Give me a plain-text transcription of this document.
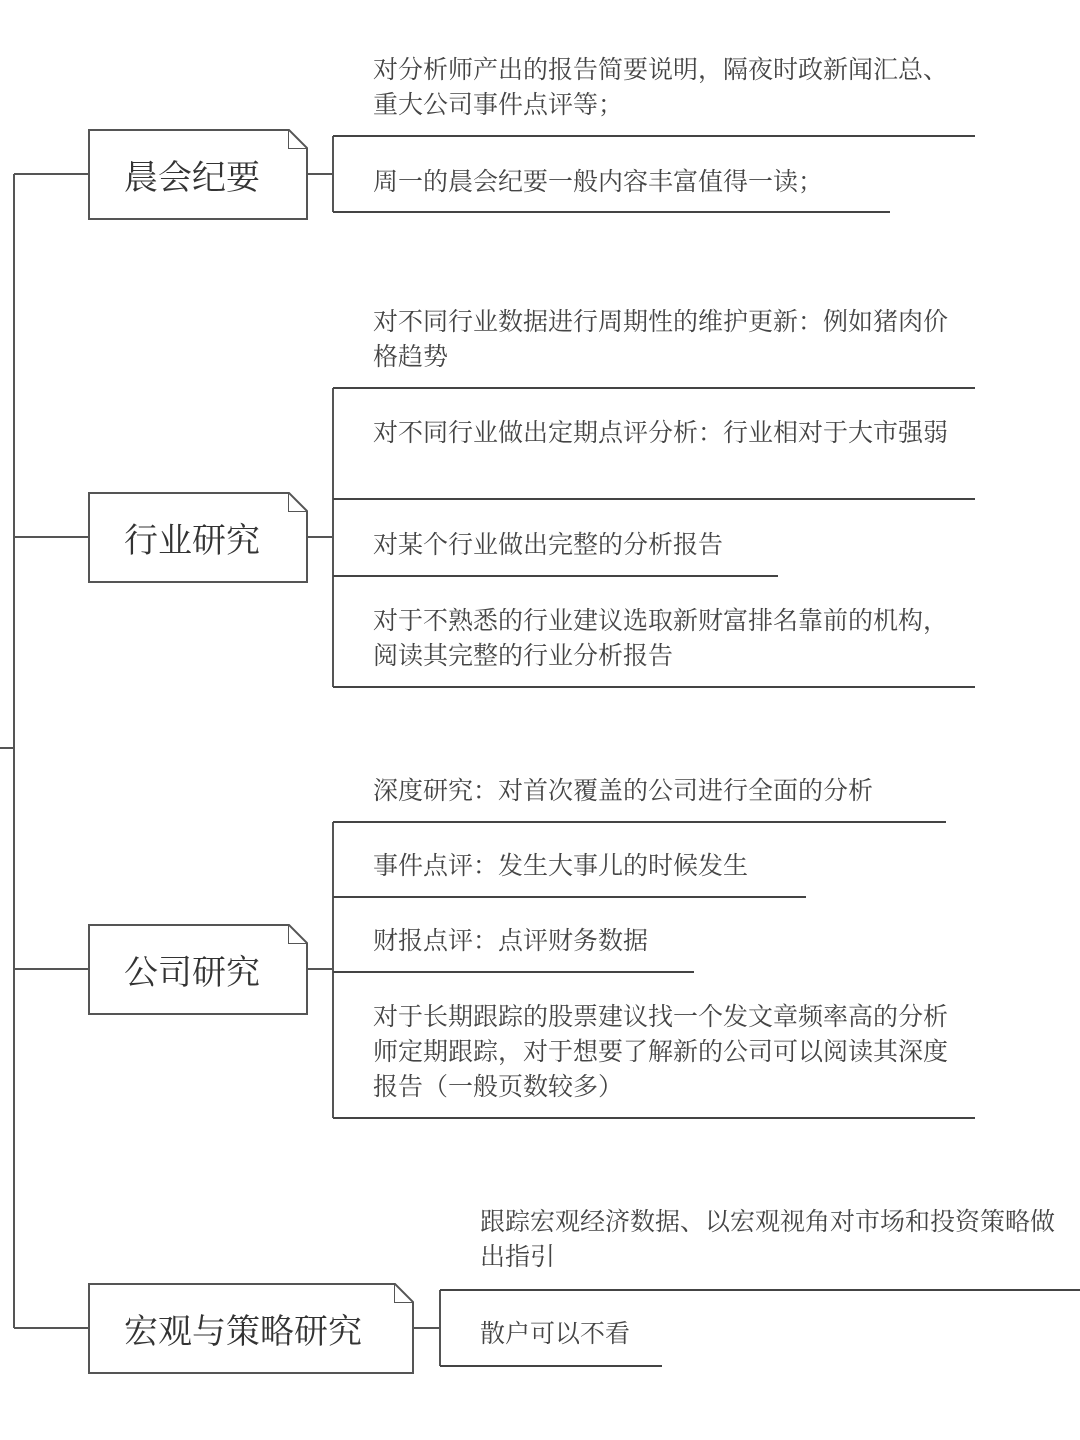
晨会纪要
行业研究
公司研究
宏观与策略研究

对分析师产出的报告简要说明，隔夜时政新闻汇总、重大公司事件点评等；

周一的晨会纪要一般内容丰富值得一读；

对不同行业数据进行周期性的维护更新：例如猪肉价格趋势

对不同行业做出定期点评分析：行业相对于大市强弱

对某个行业做出完整的分析报告

对于不熟悉的行业建议选取新财富排名靠前的机构，阅读其完整的行业分析报告

深度研究：对首次覆盖的公司进行全面的分析

事件点评：发生大事儿的时候发生

财报点评：点评财务数据

对于长期跟踪的股票建议找一个发文章频率高的分析师定期跟踪，对于想要了解新的公司可以阅读其深度报告（一般页数较多）

跟踪宏观经济数据、以宏观视角对市场和投资策略做出指引

散户可以不看
